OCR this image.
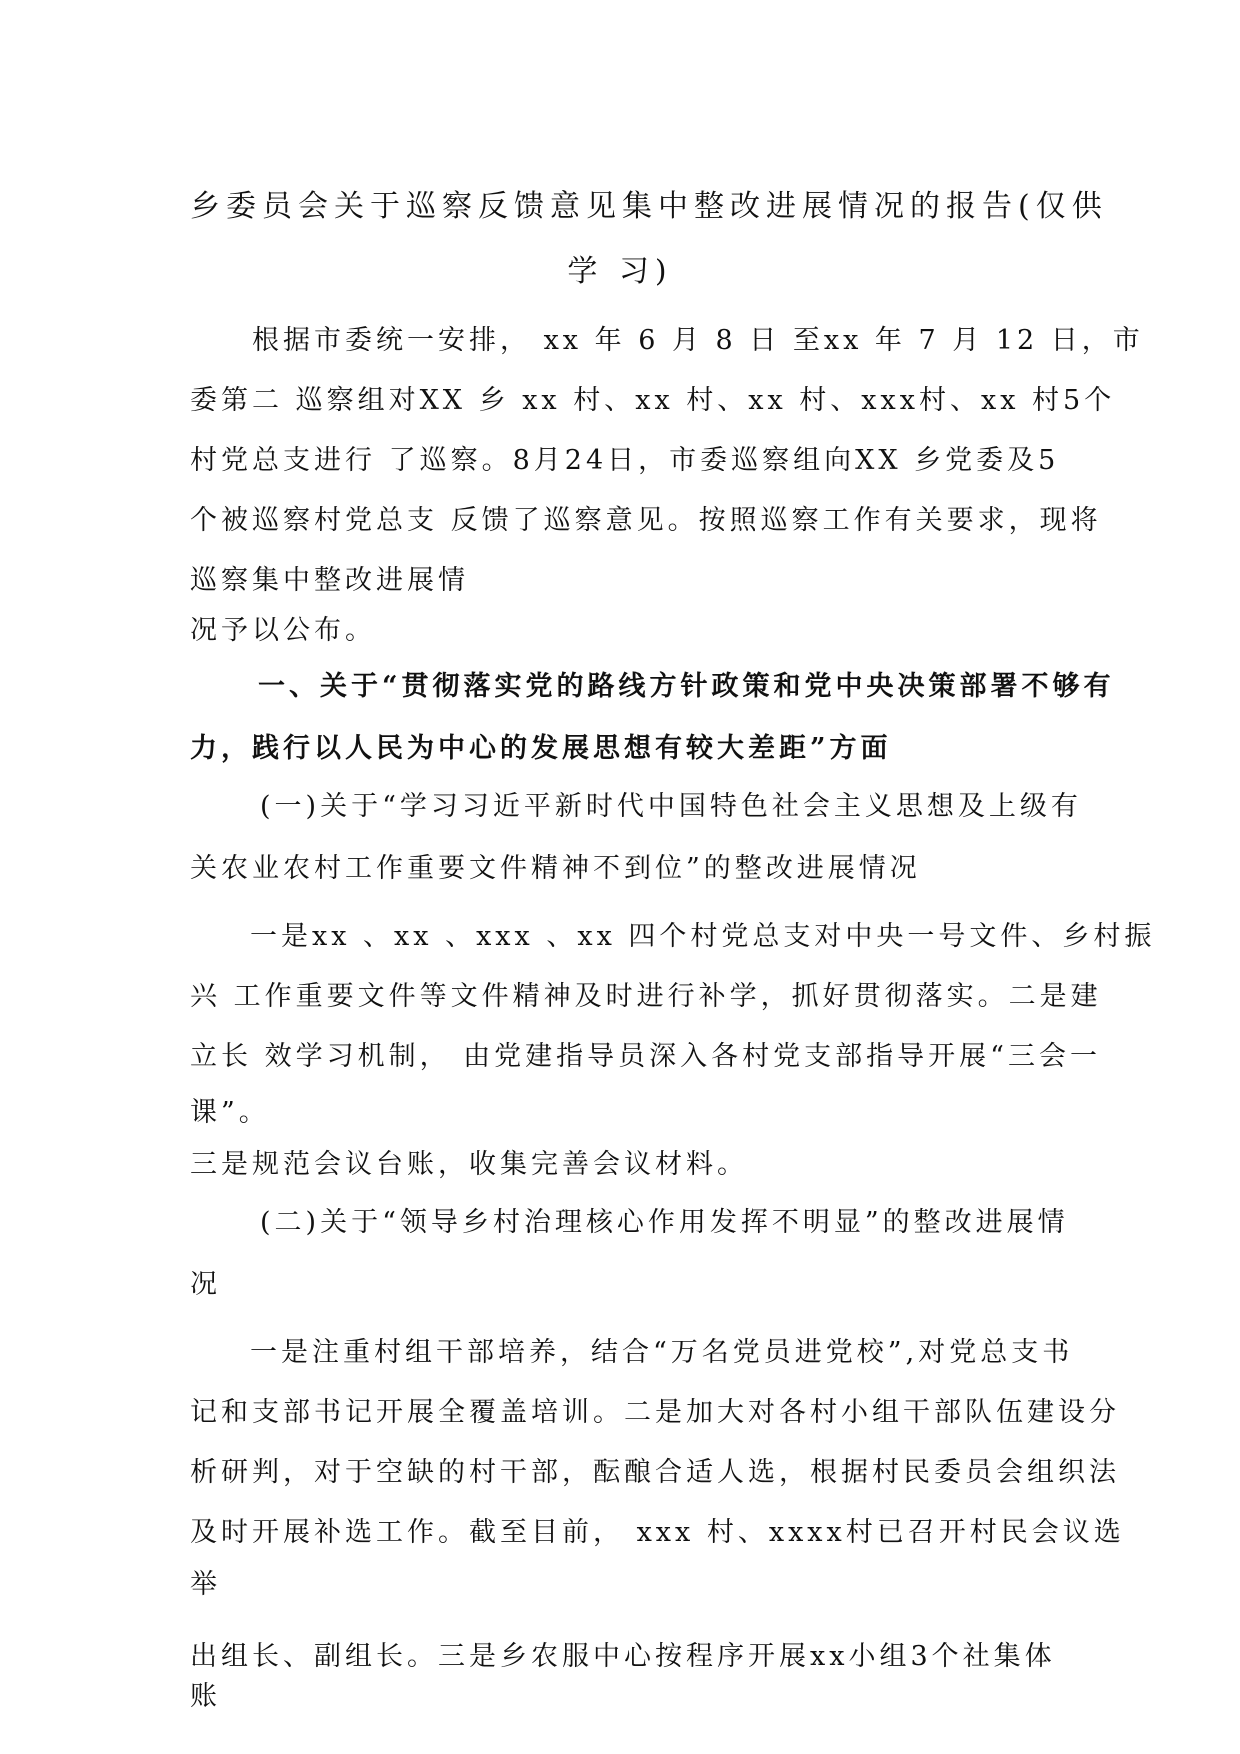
乡委员会关于巡察反馈意见集中整改进展情况的报告(仅供
学 习)
根据市委统一安排， xx 年 6 月 8 日 至xx 年 7 月 12 日，市
委第二 巡察组对XX 乡 xx 村、xx 村、xx 村、xxx村、xx 村5个
村党总支进行 了巡察。8月24日，市委巡察组向XX 乡党委及5
个被巡察村党总支 反馈了巡察意见。按照巡察工作有关要求，现将
巡察集中整改进展情
况予以公布。
一、关于“贯彻落实党的路线方针政策和党中央决策部署不够有
力，践行以人民为中心的发展思想有较大差距”方面
(一)关于“学习习近平新时代中国特色社会主义思想及上级有
关农业农村工作重要文件精神不到位”的整改进展情况
一是xx 、xx 、xxx 、xx 四个村党总支对中央一号文件、乡村振
兴 工作重要文件等文件精神及时进行补学，抓好贯彻落实。二是建
立长 效学习机制， 由党建指导员深入各村党支部指导开展“三会一
课”。
三是规范会议台账，收集完善会议材料。
(二)关于“领导乡村治理核心作用发挥不明显”的整改进展情
况
一是注重村组干部培养，结合“万名党员进党校”,对党总支书
记和支部书记开展全覆盖培训。二是加大对各村小组干部队伍建设分
析研判，对于空缺的村干部，酝酿合适人选，根据村民委员会组织法
及时开展补选工作。截至目前， xxx 村、xxxx村已召开村民会议选
举
出组长、副组长。三是乡农服中心按程序开展xx小组3个社集体
账
